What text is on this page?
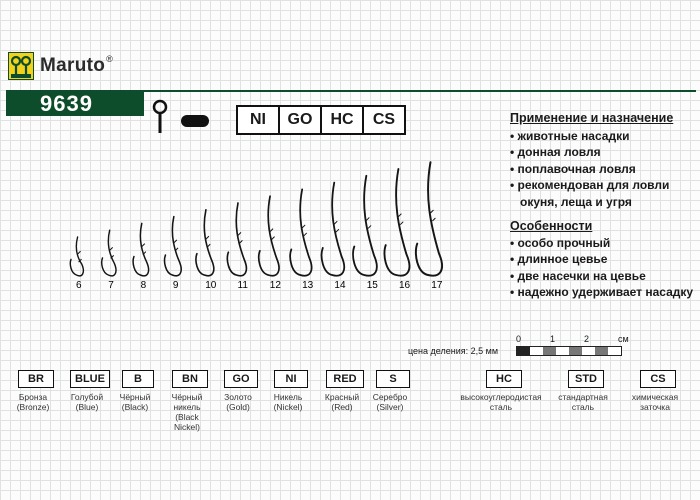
Maruto®
9639
NI	GO	HC	CS	Применение и назначение
• животные насадки
• донная ловля
• поплавочная ловля
• рекомендован для ловли окуня, леща и угря
Особенности
• особо прочный
• длинное цевье
• две насечки на цевье
• надежно удерживает насадку
6	7	8	9	10 11 12 13 14 15 16 17
0	1	2	см
цена деления: 2,5 мм
BR
Бронза
(Bronze)
BLUE
Голубой
(Blue)
B
Чёрный
(Black)
BN
Чёрный
никель
(Black
Nickel)
GO
Золото
(Gold)
NI
Никель
(Nickel)
RED
Красный
(Red)
S
Серебро
(Silver)
HC
высокоуглеродистая
сталь
STD
стандартная
сталь
CS
химическая
заточка
